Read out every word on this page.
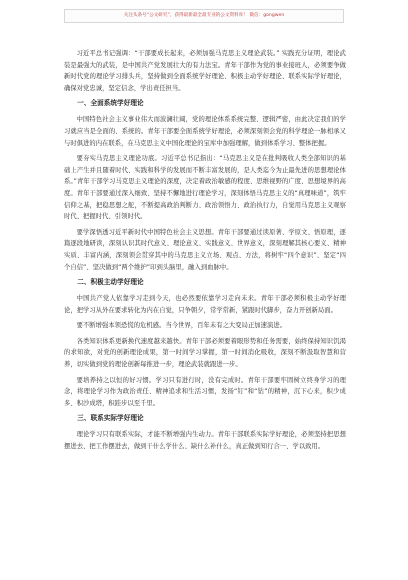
关注头条号“公文研究”，获得最新最全最专业的公文资料库！ 微信：gongwen

习近平总书记强调：“干部要成长起来，必须加强马克思主义理论武装。” 实践充分证明，理论武装是最强大的武装，是中国共产党发展壮大的有力法宝。青年干部作为党的事业接班人，必须要争做新时代党的理论学习排头兵，坚持做到全面系统学好理论、积极主动学好理论、联系实际学好理论，确保对党忠诚，坚定信念，学出责任担当。

一、全面系统学好理论

中国特色社会主义事业伟大而波澜壮阔，党的理论体系系统完整、逻辑严密，由此决定我们的学习就应当是全面的、系统的。青年干部要全面系统学好理论，必须深刻领会党的科学理论一脉相承又与时俱进的内在联系，在马克思主义中国化理论的宝库中加强理解，做到体系学习、整体把握。

要夯实马克思主义理论功底。习近平总书记指出：“马克思主义是在批判吸收人类全部知识的基础上产生并且随着时代、实践和科学的发展而不断丰富发展的，是人类迄今为止最先进的思想理论体系。”青年干部学习马克思主义理论的深度，决定着政治敏感的程度、思维视野的广度、思想境界的高度。青年干部要通过深入细致、坚持不懈地进行理论学习，深刻体悟马克思主义的“真理味道”，筑牢信仰之基，把稳思想之舵，不断提高政治判断力、政治领悟力、政治执行力，自觉用马克思主义观察时代、把握时代、引领时代。

要学深悟透习近平新时代中国特色社会主义思想。青年干部要通过读原著、学原文、悟原理，逐篇逐段地研读，深刻认识其时代意义、理论意义、实践意义、世界意义，深刻理解其核心要义、精神实质、丰富内涵，深刻领会贯穿其中的马克思主义立场、观点、方法，将树牢“四个意识”、坚定“四个自信”、坚决做到“两个维护”印到头脑里，融入到血脉中。

二、积极主动学好理论

中国共产党人依靠学习走到今天，也必然要依靠学习走向未来。青年干部必须积极主动学好理论，把学习从外在要求转化为内在自觉，只争朝夕，常学常新，紧跟时代脚步，奋力开创新局面。

要不断增强本领恐慌的危机感。当今世界，百年未有之大变局正加速演进。

各类知识体系更新换代速度越来越快。青年干部必须要着眼形势和任务需要，始终保持知识饥渴的求知欲，对党的创新理论成果，第一时间学习掌握，第一时间消化吸收，深刻不断汲取智慧和营养，切实做到党的理论创新每推进一步，理论武装就跟进一步。

要培养持之以恒的好习惯。学习只有进行时，没有完成时。青年干部要牢固树立终身学习的理念，将理论学习作为政治责任、精神追求和生活习惯，发扬“钉”和“钻”的精神，沉下心来，积少成多、积沙成塔，积跬步以至千里。

三、联系实际学好理论

理论学习只有联系实际，才能不断增强内生动力。青年干部联系实际学好理论，必须坚持把思想摆进去、把工作摆进去，做到干什么学什么、缺什么补什么，真正做到知行合一、学以致用。
